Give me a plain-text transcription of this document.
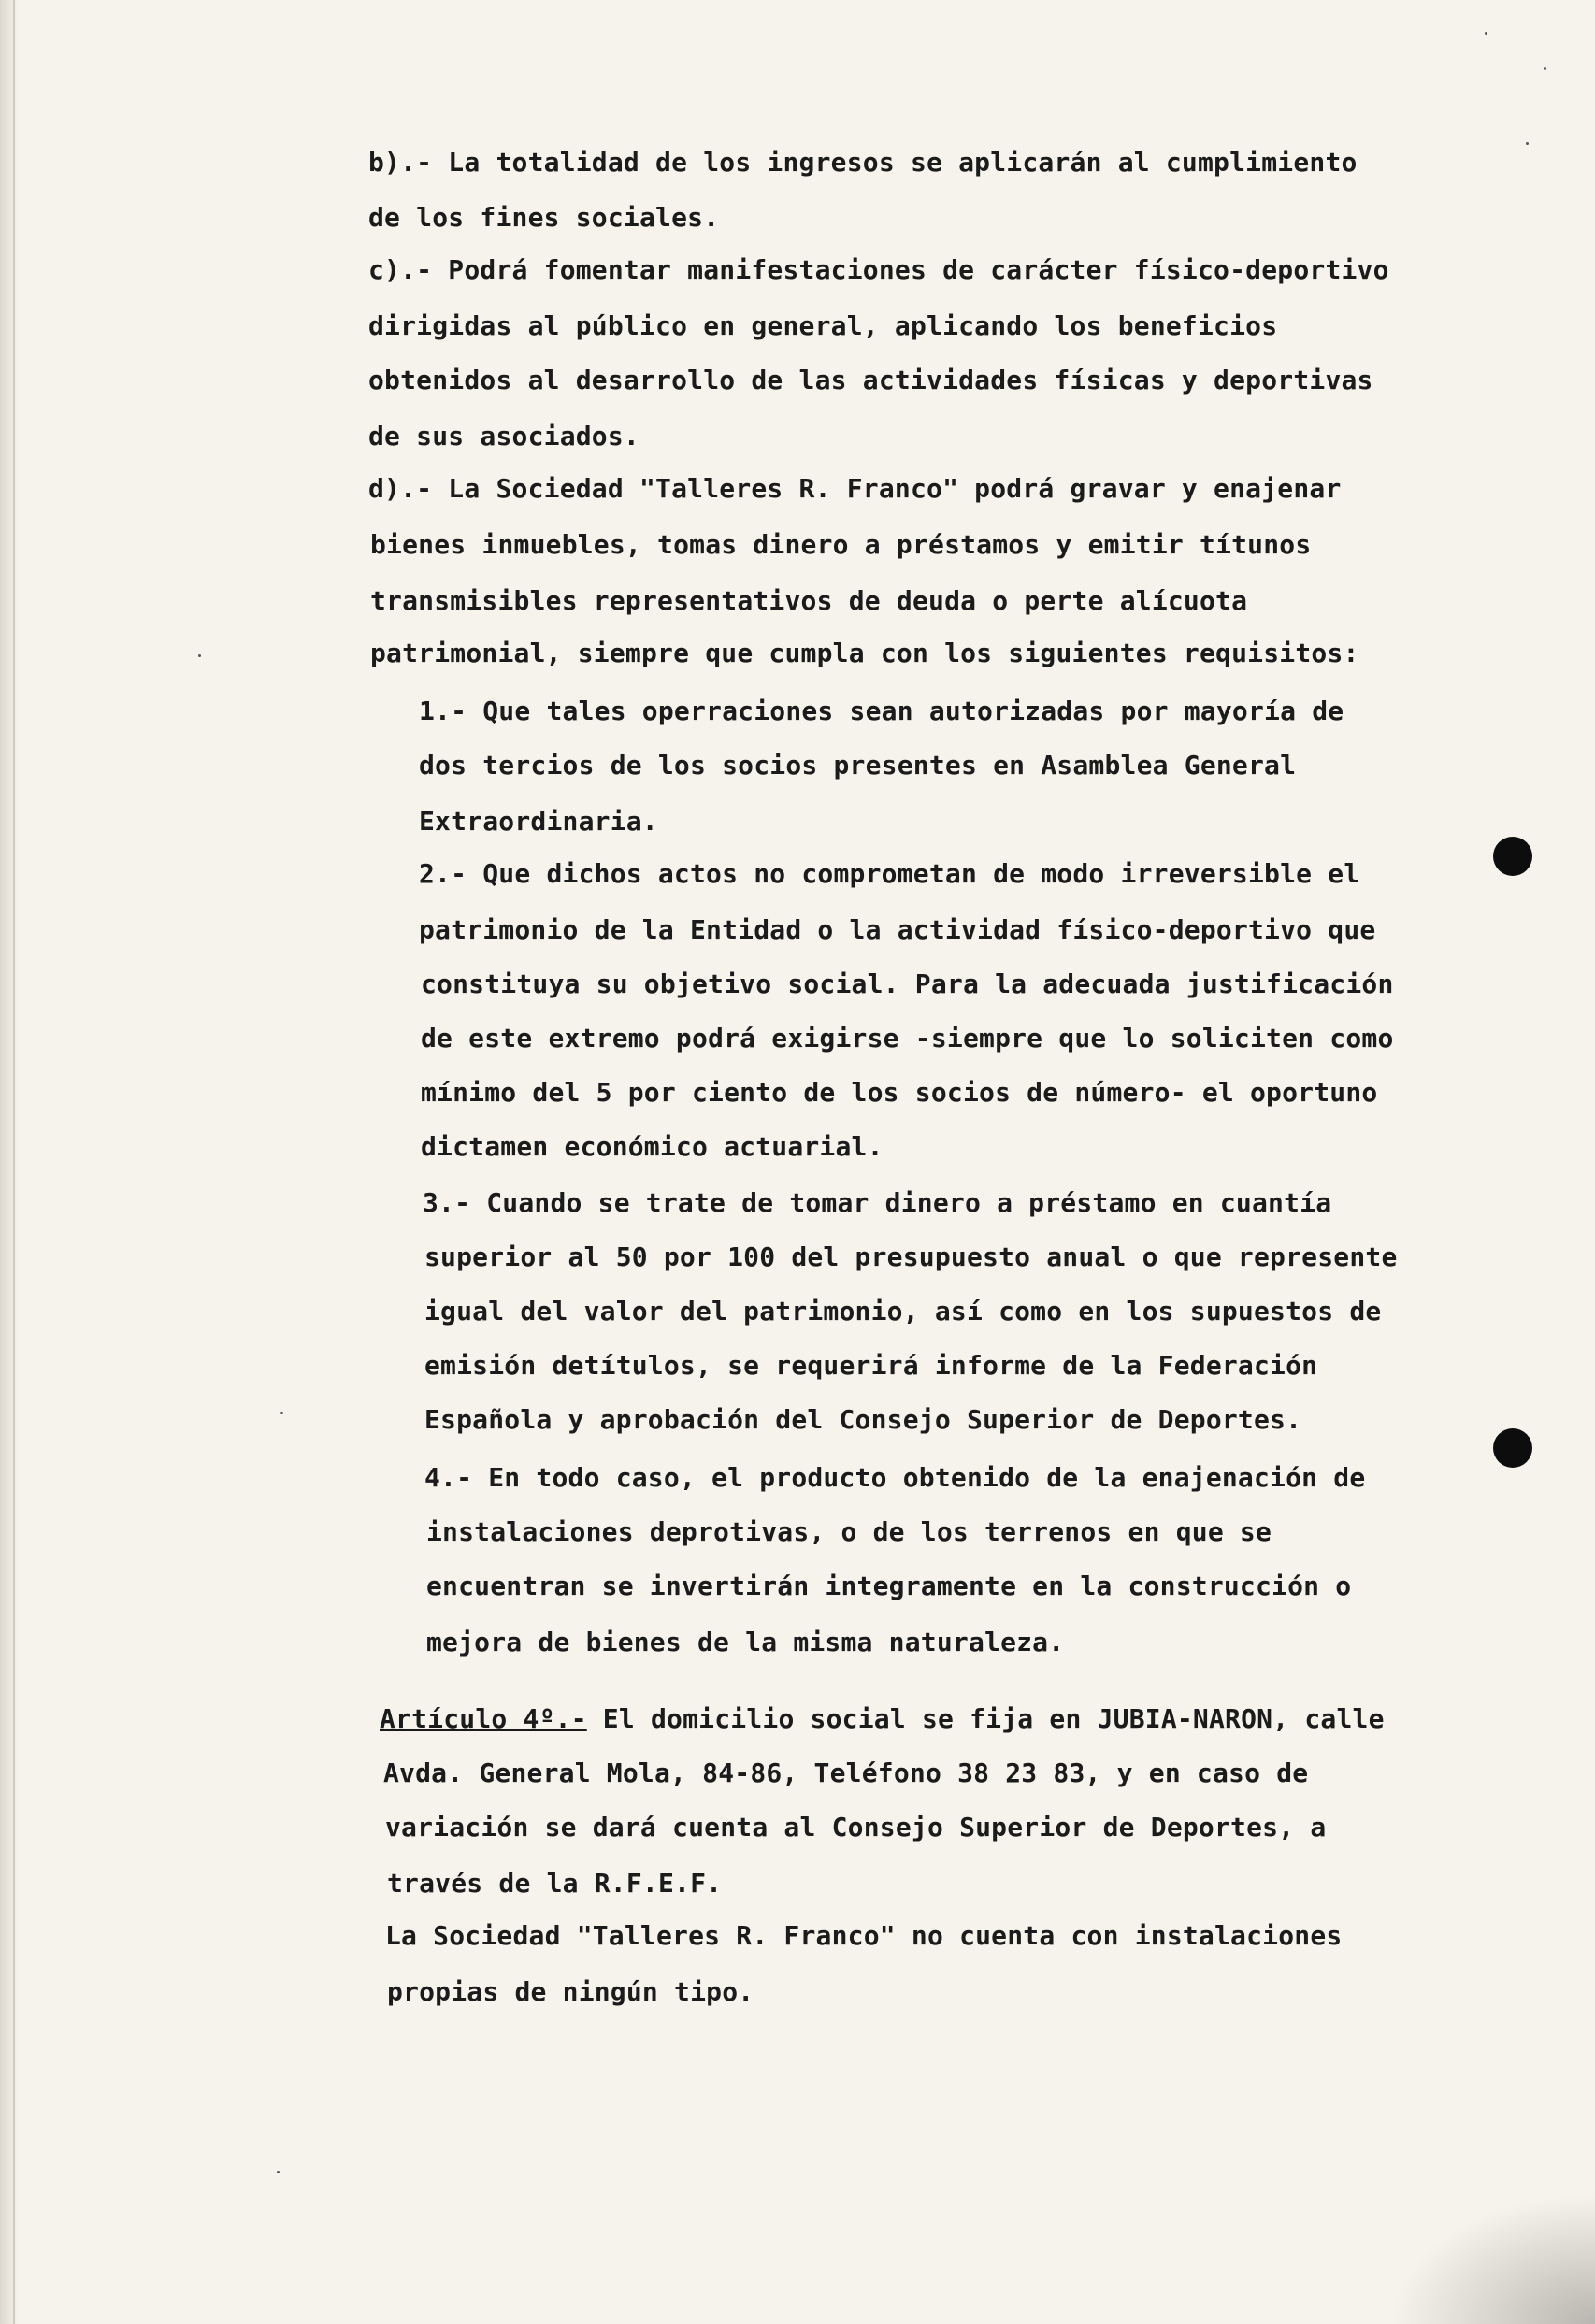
b).- La totalidad de los ingresos se aplicarán al cumplimiento
de los fines sociales.
c).- Podrá fomentar manifestaciones de carácter físico-deportivo
dirigidas al público en general, aplicando los beneficios
obtenidos al desarrollo de las actividades físicas y deportivas
de sus asociados.
d).- La Sociedad "Talleres R. Franco" podrá gravar y enajenar
bienes inmuebles, tomas dinero a préstamos y emitir títunos
transmisibles representativos de deuda o perte alícuota
patrimonial, siempre que cumpla con los siguientes requisitos:
1.- Que tales operraciones sean autorizadas por mayoría de
dos tercios de los socios presentes en Asamblea General
Extraordinaria.
2.- Que dichos actos no comprometan de modo irreversible el
patrimonio de la Entidad o la actividad físico-deportivo que
constituya su objetivo social. Para la adecuada justificación
de este extremo podrá exigirse -siempre que lo soliciten como
mínimo del 5 por ciento de los socios de número- el oportuno
dictamen económico actuarial.
3.- Cuando se trate de tomar dinero a préstamo en cuantía
superior al 50 por 100 del presupuesto anual o que represente
igual del valor del patrimonio, así como en los supuestos de
emisión detítulos, se requerirá informe de la Federación
Española y aprobación del Consejo Superior de Deportes.
4.- En todo caso, el producto obtenido de la enajenación de
instalaciones deprotivas, o de los terrenos en que se
encuentran se invertirán integramente en la construcción o
mejora de bienes de la misma naturaleza.
Artículo 4º.- El domicilio social se fija en JUBIA-NARON, calle
Avda. General Mola, 84-86, Teléfono 38 23 83, y en caso de
variación se dará cuenta al Consejo Superior de Deportes, a
través de la R.F.E.F.
La Sociedad "Talleres R. Franco" no cuenta con instalaciones
propias de ningún tipo.
